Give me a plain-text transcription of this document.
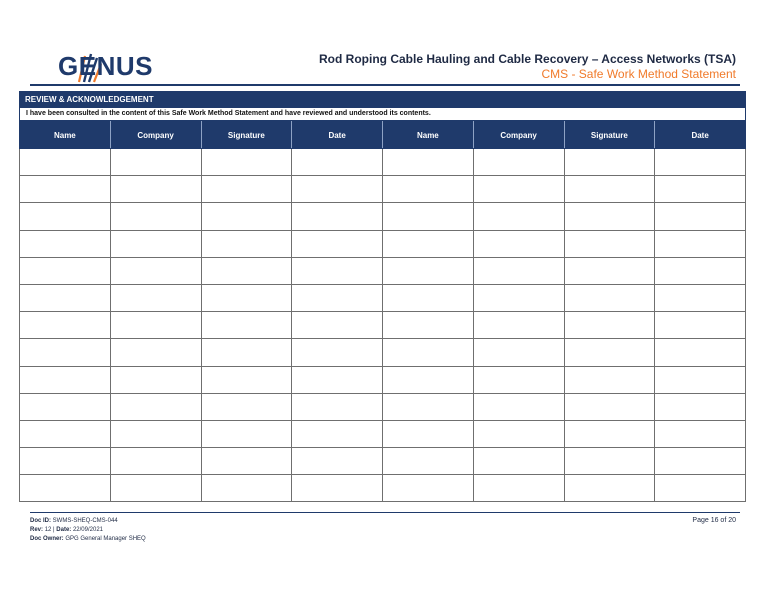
GENUS	Rod Roping Cable Hauling and Cable Recovery – Access Networks (TSA)
CMS - Safe Work Method Statement
REVIEW & ACKNOWLEDGEMENT
I have been consulted in the content of this Safe Work Method Statement and have reviewed and understood its contents.
Name	Company	Signature	Date	Name	Company	Signature	Date

Doc ID: SWMS-SHEQ-CMS-044
Rev: 12 | Date: 22/09/2021
Doc Owner: GPG General Manager SHEQ
Page 16 of 20
